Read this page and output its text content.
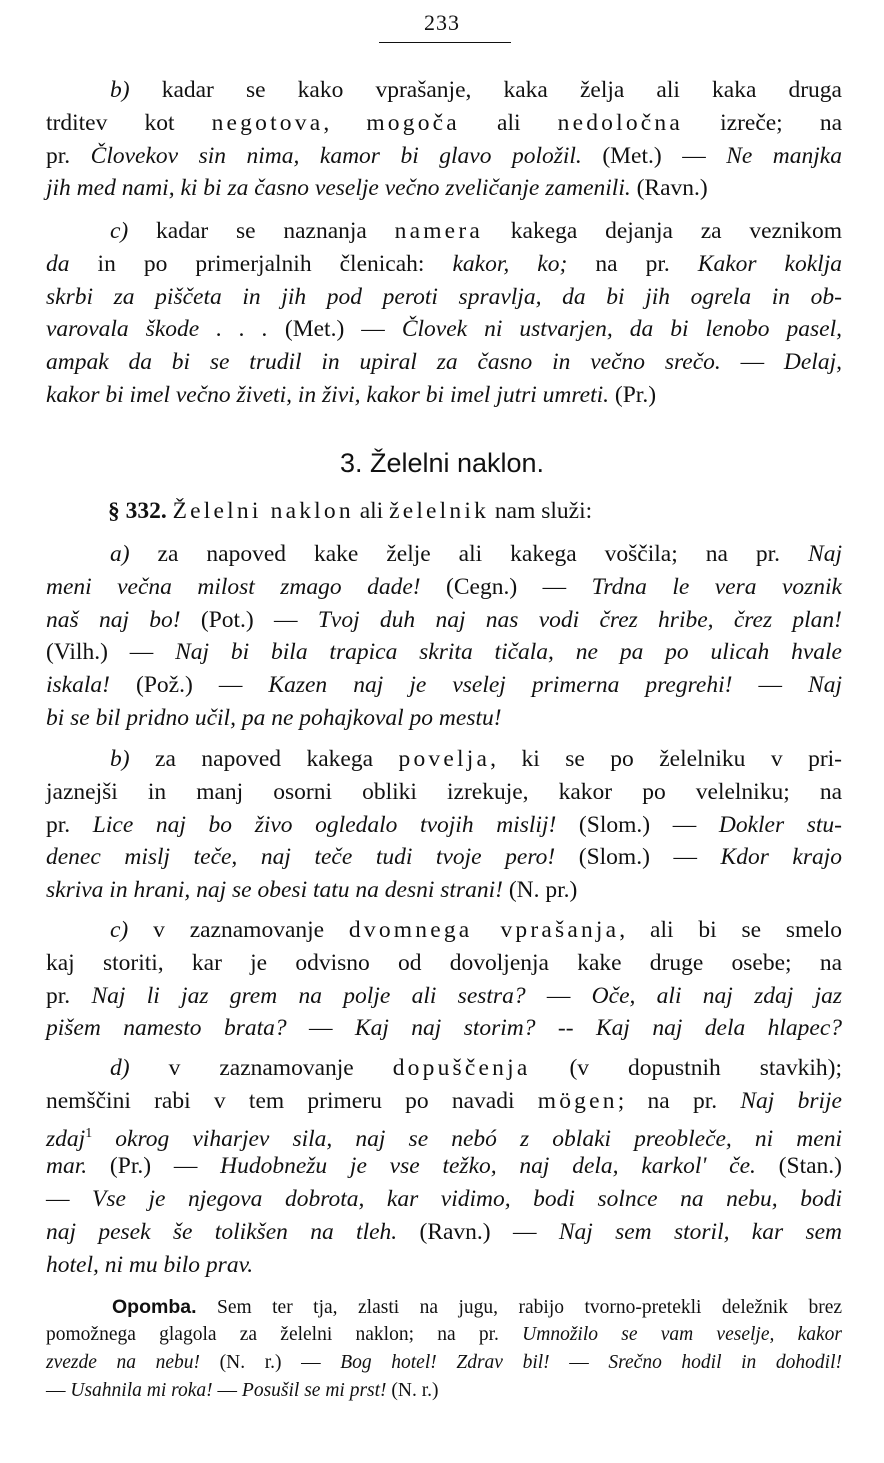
233
b) kadar se kako vprašanje, kaka želja ali kaka druga
trditev kot negotova, mogoča ali nedoločna izreče; na
pr. Človekov sin nima, kamor bi glavo položil. (Met.) — Ne manjka
jih med nami, ki bi za časno veselje večno zveličanje zamenili. (Ravn.)
c) kadar se naznanja namera kakega dejanja za veznikom
da in po primerjalnih členicah: kakor, ko; na pr. Kakor koklja
skrbi za piščeta in jih pod peroti spravlja, da bi jih ogrela in ob-
varovala škode . . . (Met.) — Človek ni ustvarjen, da bi lenobo pasel,
ampak da bi se trudil in upiral za časno in večno srečo. — Delaj,
kakor bi imel večno živeti, in živi, kakor bi imel jutri umreti. (Pr.)
3. Želelni naklon.
§ 332. Želelni naklon ali želelnik nam služi:
a) za napoved kake želje ali kakega voščila; na pr. Naj
meni večna milost zmago dade! (Cegn.) — Trdna le vera voznik
naš naj bo! (Pot.) — Tvoj duh naj nas vodi črez hribe, črez plan!
(Vilh.) — Naj bi bila trapica skrita tičala, ne pa po ulicah hvale
iskala! (Pož.) — Kazen naj je vselej primerna pregrehi! — Naj
bi se bil pridno učil, pa ne pohajkoval po mestu!
b) za napoved kakega povelja, ki se po želelniku v pri-
jaznejši in manj osorni obliki izrekuje, kakor po velelniku; na
pr. Lice naj bo živo ogledalo tvojih mislij! (Slom.) — Dokler stu-
denec mislj teče, naj teče tudi tvoje pero! (Slom.) — Kdor krajo
skriva in hrani, naj se obesi tatu na desni strani! (N. pr.)
c) v zaznamovanje dvomnega vprašanja, ali bi se smelo
kaj storiti, kar je odvisno od dovoljenja kake druge osebe; na
pr. Naj li jaz grem na polje ali sestra? — Oče, ali naj zdaj jaz
pišem namesto brata? — Kaj naj storim? -- Kaj naj dela hlapec?
d) v zaznamovanje dopuščenja (v dopustnih stavkih);
nemščini rabi v tem primeru po navadi mögen; na pr. Naj brije
zdaj$^1$ okrog viharjev sila, naj se nebó z oblaki preobleče, ni meni
mar. (Pr.) — Hudobnežu je vse težko, naj dela, karkol' če. (Stan.)
— Vse je njegova dobrota, kar vidimo, bodi solnce na nebu, bodi
naj pesek še tolikšen na tleh. (Ravn.) — Naj sem storil, kar sem
hotel, ni mu bilo prav.
Opomba. Sem ter tja, zlasti na jugu, rabijo tvorno-pretekli deležnik brez
pomožnega glagola za želelni naklon; na pr. Umnožilo se vam veselje, kakor
zvezde na nebu! (N. r.) — Bog hotel! Zdrav bil! — Srečno hodil in dohodil!
— Usahnila mi roka! — Posušil se mi prst! (N. r.)
